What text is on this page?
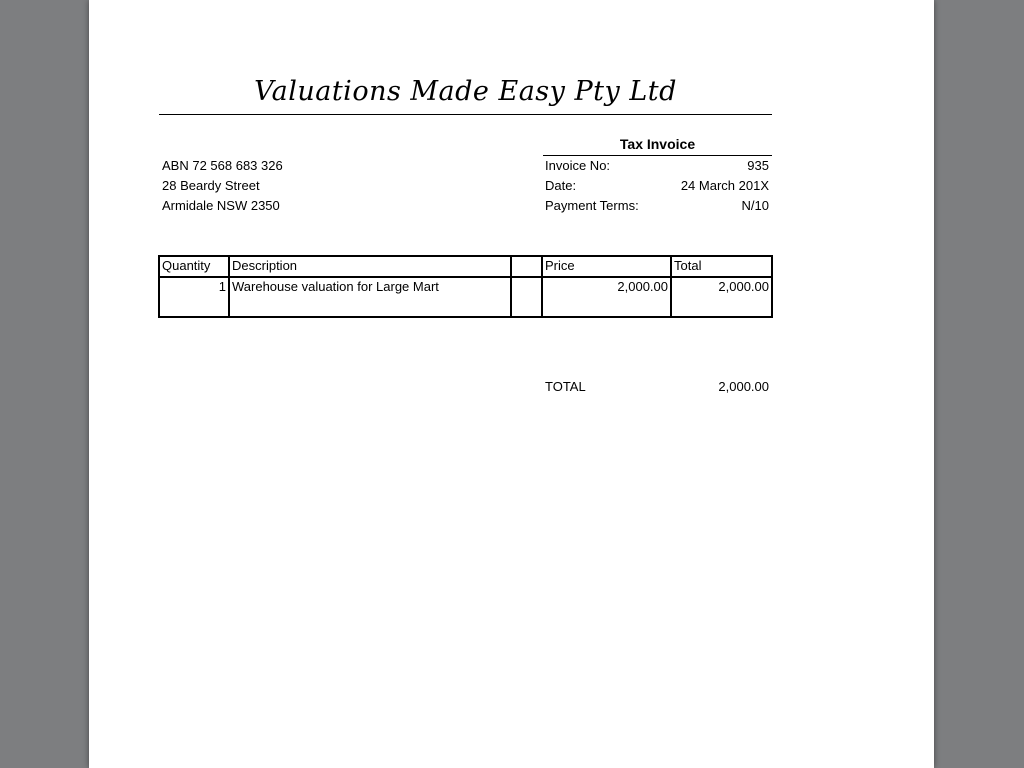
Valuations Made Easy Pty Ltd
ABN 72 568 683 326
28 Beardy Street
Armidale NSW 2350
Tax Invoice
Invoice No:	935
Date:	24 March 201X
Payment Terms:	N/10
Quantity	Description		Price	Total
1	Warehouse valuation for Large Mart		2,000.00	2,000.00
TOTAL	2,000.00
